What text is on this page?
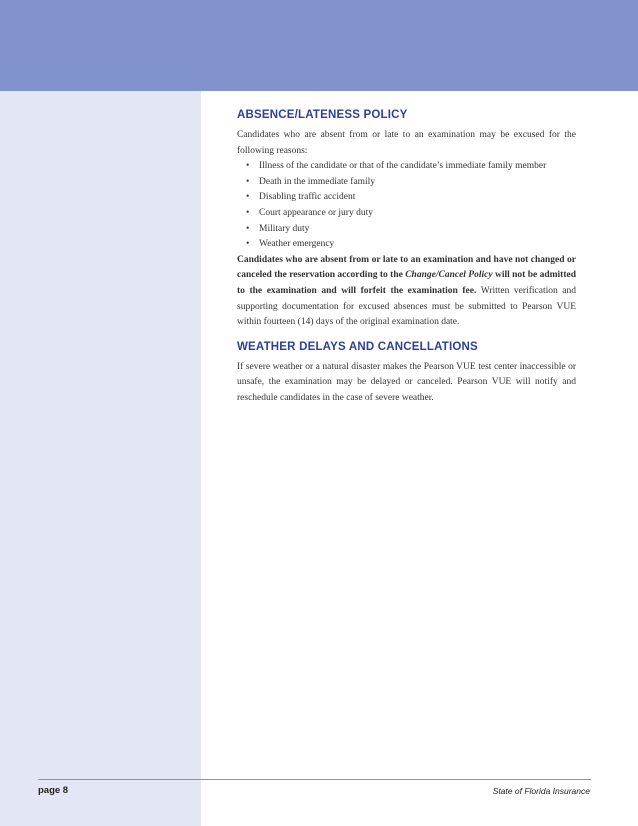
ABSENCE/LATENESS POLICY

Candidates who are absent from or late to an examination may be excused for the following reasons:

• Illness of the candidate or that of the candidate’s immediate family member
• Death in the immediate family
• Disabling traffic accident
• Court appearance or jury duty
• Military duty
• Weather emergency

Candidates who are absent from or late to an examination and have not changed or canceled the reservation according to the Change/Cancel Policy will not be admitted to the examination and will forfeit the examination fee. Written verification and supporting documentation for excused absences must be submitted to Pearson VUE within fourteen (14) days of the original examination date.

WEATHER DELAYS AND CANCELLATIONS

If severe weather or a natural disaster makes the Pearson VUE test center inaccessible or unsafe, the examination may be delayed or canceled. Pearson VUE will notify and reschedule candidates in the case of severe weather.

page 8	State of Florida Insurance
